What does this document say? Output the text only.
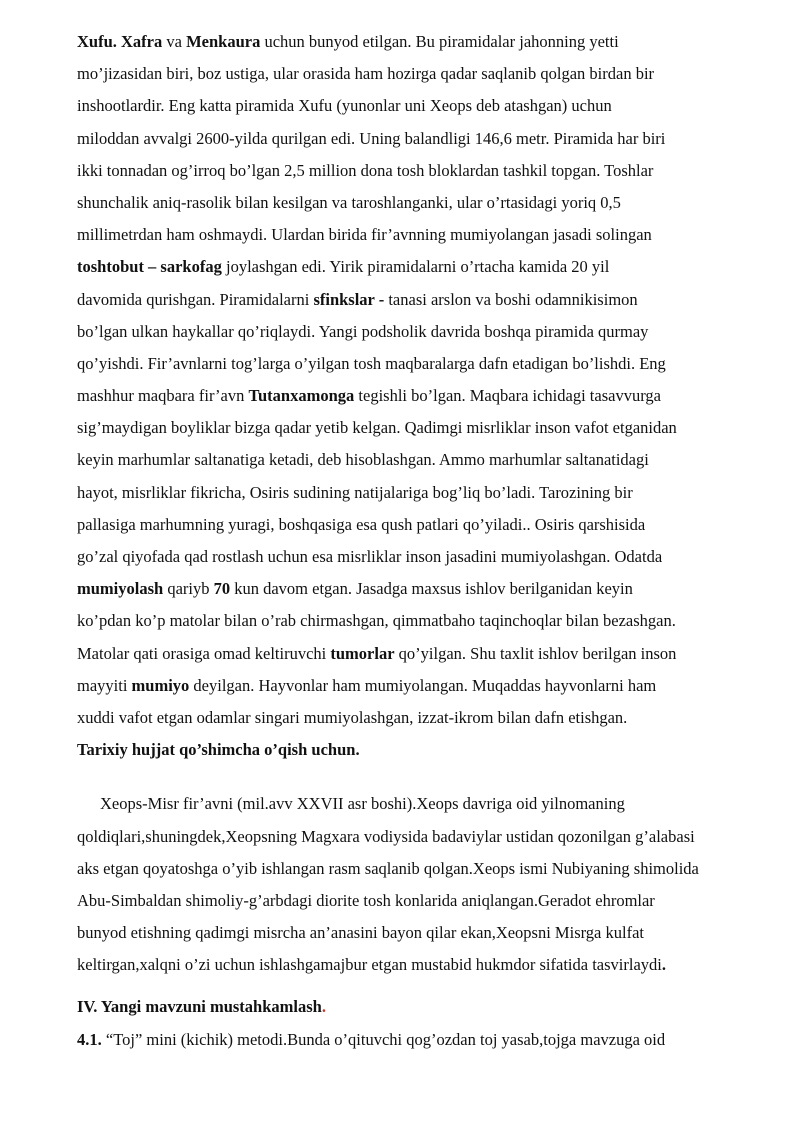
Xufu. Xafra va Menkaura uchun bunyod etilgan. Bu piramidalar jahonning yetti
mo’jizasidan biri, boz ustiga, ular orasida ham hozirga qadar saqlanib qolgan birdan bir
inshootlardir. Eng katta piramida Xufu (yunonlar uni Xeops deb atashgan) uchun
miloddan avvalgi 2600-yilda qurilgan edi. Uning balandligi 146,6 metr. Piramida har biri
ikki tonnadan og’irroq bo’lgan 2,5 million dona tosh bloklardan tashkil topgan. Toshlar
shunchalik aniq-rasolik bilan kesilgan va taroshlanganki, ular o’rtasidagi yoriq 0,5
millimetrdan ham oshmaydi. Ulardan birida fir’avnning mumiyolangan jasadi solingan
toshtobut – sarkofag joylashgan edi. Yirik piramidalarni o’rtacha kamida 20 yil
davomida qurishgan. Piramidalarni sfinkslar - tanasi arslon va boshi odamnikisimon
bo’lgan ulkan haykallar qo’riqlaydi. Yangi podsholik davrida boshqa piramida qurmay
qo’yishdi. Fir’avnlarni tog’larga o’yilgan tosh maqbaralarga dafn etadigan bo’lishdi. Eng
mashhur maqbara fir’avn Tutanxamonga tegishli bo’lgan. Maqbara ichidagi tasavvurga
sig’maydigan boyliklar bizga qadar yetib kelgan. Qadimgi misrliklar inson vafot etganidan
keyin marhumlar saltanatiga ketadi, deb hisoblashgan. Ammo marhumlar saltanatidagi
hayot, misrliklar fikricha, Osiris sudining natijalariga bog’liq bo’ladi. Tarozining bir
pallasiga marhumning yuragi, boshqasiga esa qush patlari qo’yiladi.. Osiris qarshisida
go’zal qiyofada qad rostlash uchun esa misrliklar inson jasadini mumiyolashgan. Odatda
mumiyolash qariyb 70 kun davom etgan. Jasadga maxsus ishlov berilganidan keyin
ko’pdan ko’p matolar bilan o’rab chirmashgan, qimmatbaho taqinchoqlar bilan bezashgan.
Matolar qati orasiga omad keltiruvchi tumorlar qo’yilgan. Shu taxlit ishlov berilgan inson
mayyiti mumiyo deyilgan. Hayvonlar ham mumiyolangan. Muqaddas hayvonlarni ham
xuddi vafot etgan odamlar singari mumiyolashgan, izzat-ikrom bilan dafn etishgan.
Tarixiy hujjat qo’shimcha o’qish uchun.
Xeops-Misr fir’avni (mil.avv XXVII asr boshi).Xeops davriga oid yilnomaning
qoldiqlari,shuningdek,Xeopsning Magxara vodiysida badaviylar ustidan qozonilgan g’alabasi
aks etgan qoyatoshga o’yib ishlangan rasm saqlanib qolgan.Xeops ismi Nubiyaning shimolida
Abu-Simbaldan shimoliy-g’arbdagi diorite tosh konlarida aniqlangan.Geradot ehromlar
bunyod etishning qadimgi misrcha an’anasini bayon qilar ekan,Xeopsni Misrga kulfat
keltirgan,xalqni o’zi uchun ishlashgamajbur etgan mustabid hukmdor sifatida tasvirlaydi.
IV. Yangi mavzuni mustahkamlash.
4.1. “Toj” mini (kichik) metodi.Bunda o’qituvchi qog’ozdan toj yasab,tojga mavzuga oid
